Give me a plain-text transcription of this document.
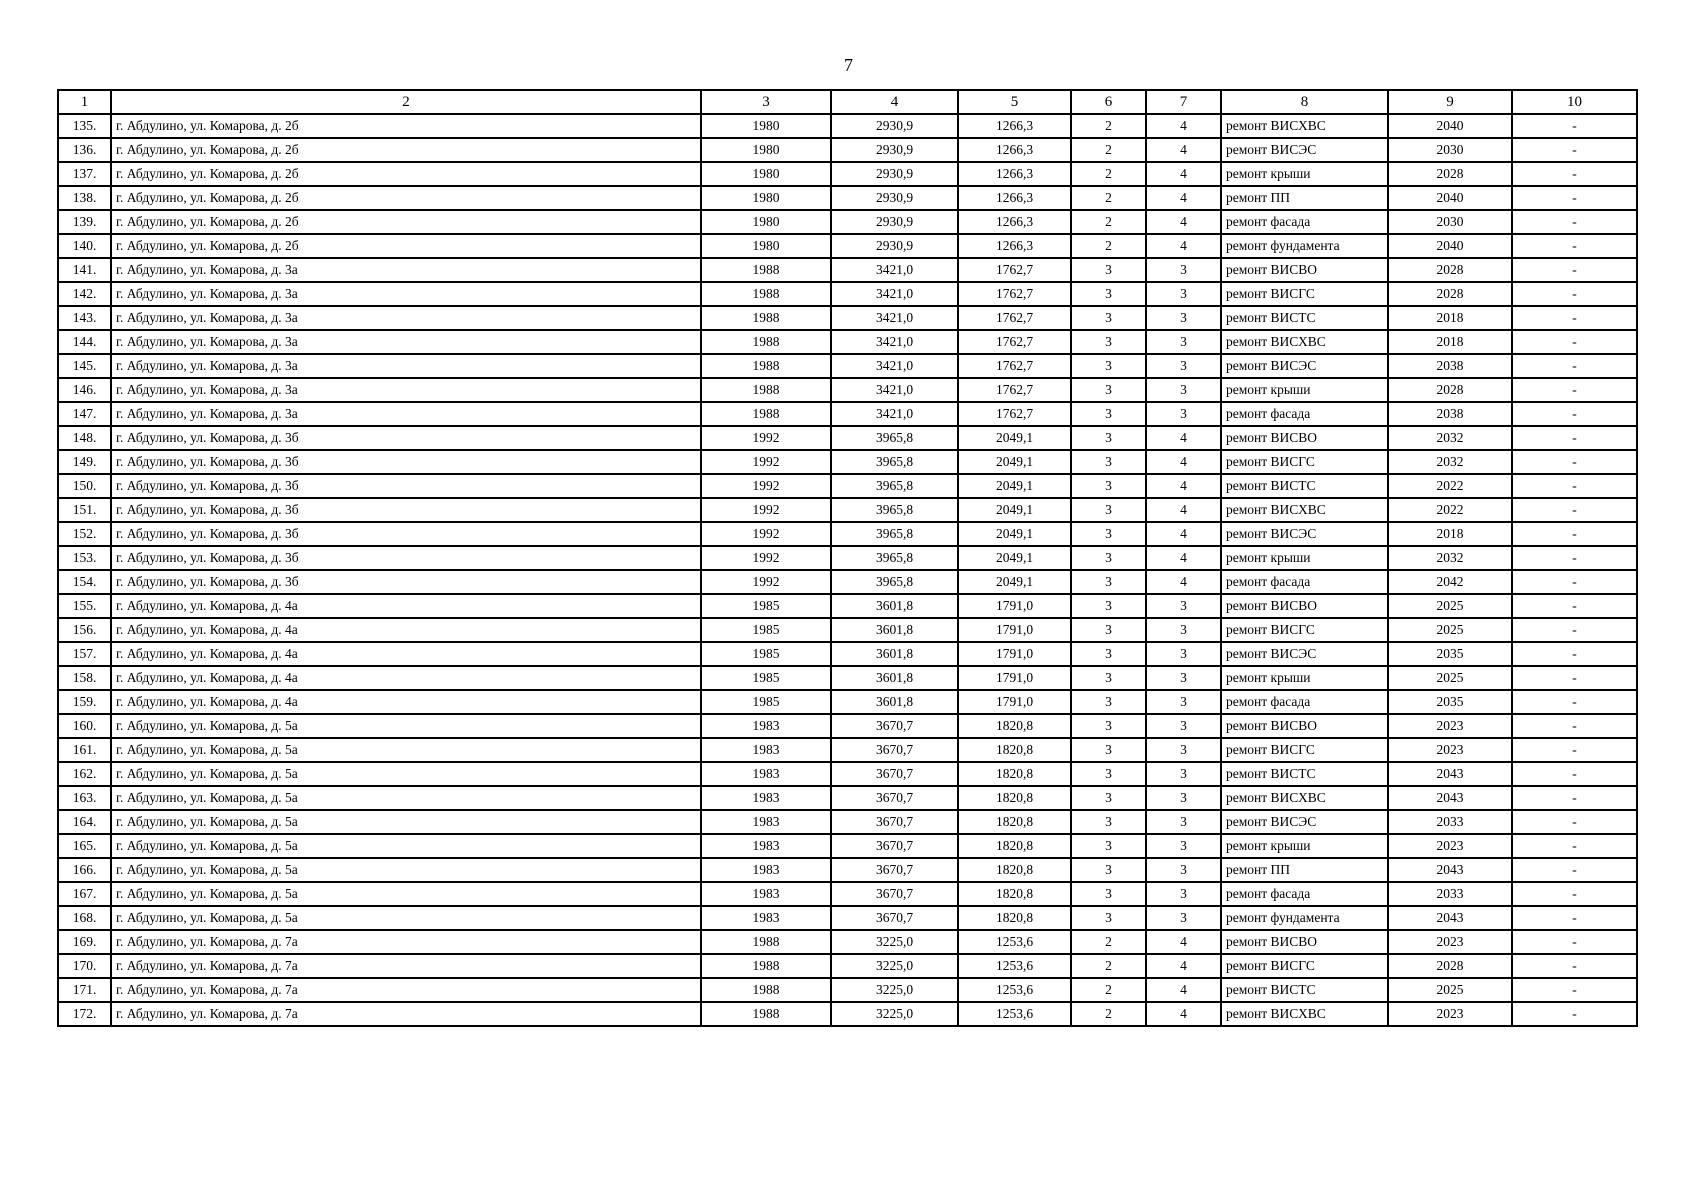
7
1	2	3	4	5	6	7	8	9	10
135.	г. Абдулино, ул. Комарова, д. 2б	1980	2930,9	1266,3	2	4	ремонт ВИСХВС	2040	-
136.	г. Абдулино, ул. Комарова, д. 2б	1980	2930,9	1266,3	2	4	ремонт ВИСЭС	2030	-
137.	г. Абдулино, ул. Комарова, д. 2б	1980	2930,9	1266,3	2	4	ремонт крыши	2028	-
138.	г. Абдулино, ул. Комарова, д. 2б	1980	2930,9	1266,3	2	4	ремонт ПП	2040	-
139.	г. Абдулино, ул. Комарова, д. 2б	1980	2930,9	1266,3	2	4	ремонт фасада	2030	-
140.	г. Абдулино, ул. Комарова, д. 2б	1980	2930,9	1266,3	2	4	ремонт фундамента	2040	-
141.	г. Абдулино, ул. Комарова, д. 3а	1988	3421,0	1762,7	3	3	ремонт ВИСВО	2028	-
142.	г. Абдулино, ул. Комарова, д. 3а	1988	3421,0	1762,7	3	3	ремонт ВИСГС	2028	-
143.	г. Абдулино, ул. Комарова, д. 3а	1988	3421,0	1762,7	3	3	ремонт ВИСТС	2018	-
144.	г. Абдулино, ул. Комарова, д. 3а	1988	3421,0	1762,7	3	3	ремонт ВИСХВС	2018	-
145.	г. Абдулино, ул. Комарова, д. 3а	1988	3421,0	1762,7	3	3	ремонт ВИСЭС	2038	-
146.	г. Абдулино, ул. Комарова, д. 3а	1988	3421,0	1762,7	3	3	ремонт крыши	2028	-
147.	г. Абдулино, ул. Комарова, д. 3а	1988	3421,0	1762,7	3	3	ремонт фасада	2038	-
148.	г. Абдулино, ул. Комарова, д. 3б	1992	3965,8	2049,1	3	4	ремонт ВИСВО	2032	-
149.	г. Абдулино, ул. Комарова, д. 3б	1992	3965,8	2049,1	3	4	ремонт ВИСГС	2032	-
150.	г. Абдулино, ул. Комарова, д. 3б	1992	3965,8	2049,1	3	4	ремонт ВИСТС	2022	-
151.	г. Абдулино, ул. Комарова, д. 3б	1992	3965,8	2049,1	3	4	ремонт ВИСХВС	2022	-
152.	г. Абдулино, ул. Комарова, д. 3б	1992	3965,8	2049,1	3	4	ремонт ВИСЭС	2018	-
153.	г. Абдулино, ул. Комарова, д. 3б	1992	3965,8	2049,1	3	4	ремонт крыши	2032	-
154.	г. Абдулино, ул. Комарова, д. 3б	1992	3965,8	2049,1	3	4	ремонт фасада	2042	-
155.	г. Абдулино, ул. Комарова, д. 4а	1985	3601,8	1791,0	3	3	ремонт ВИСВО	2025	-
156.	г. Абдулино, ул. Комарова, д. 4а	1985	3601,8	1791,0	3	3	ремонт ВИСГС	2025	-
157.	г. Абдулино, ул. Комарова, д. 4а	1985	3601,8	1791,0	3	3	ремонт ВИСЭС	2035	-
158.	г. Абдулино, ул. Комарова, д. 4а	1985	3601,8	1791,0	3	3	ремонт крыши	2025	-
159.	г. Абдулино, ул. Комарова, д. 4а	1985	3601,8	1791,0	3	3	ремонт фасада	2035	-
160.	г. Абдулино, ул. Комарова, д. 5а	1983	3670,7	1820,8	3	3	ремонт ВИСВО	2023	-
161.	г. Абдулино, ул. Комарова, д. 5а	1983	3670,7	1820,8	3	3	ремонт ВИСГС	2023	-
162.	г. Абдулино, ул. Комарова, д. 5а	1983	3670,7	1820,8	3	3	ремонт ВИСТС	2043	-
163.	г. Абдулино, ул. Комарова, д. 5а	1983	3670,7	1820,8	3	3	ремонт ВИСХВС	2043	-
164.	г. Абдулино, ул. Комарова, д. 5а	1983	3670,7	1820,8	3	3	ремонт ВИСЭС	2033	-
165.	г. Абдулино, ул. Комарова, д. 5а	1983	3670,7	1820,8	3	3	ремонт крыши	2023	-
166.	г. Абдулино, ул. Комарова, д. 5а	1983	3670,7	1820,8	3	3	ремонт ПП	2043	-
167.	г. Абдулино, ул. Комарова, д. 5а	1983	3670,7	1820,8	3	3	ремонт фасада	2033	-
168.	г. Абдулино, ул. Комарова, д. 5а	1983	3670,7	1820,8	3	3	ремонт фундамента	2043	-
169.	г. Абдулино, ул. Комарова, д. 7а	1988	3225,0	1253,6	2	4	ремонт ВИСВО	2023	-
170.	г. Абдулино, ул. Комарова, д. 7а	1988	3225,0	1253,6	2	4	ремонт ВИСГС	2028	-
171.	г. Абдулино, ул. Комарова, д. 7а	1988	3225,0	1253,6	2	4	ремонт ВИСТС	2025	-
172.	г. Абдулино, ул. Комарова, д. 7а	1988	3225,0	1253,6	2	4	ремонт ВИСХВС	2023	-
